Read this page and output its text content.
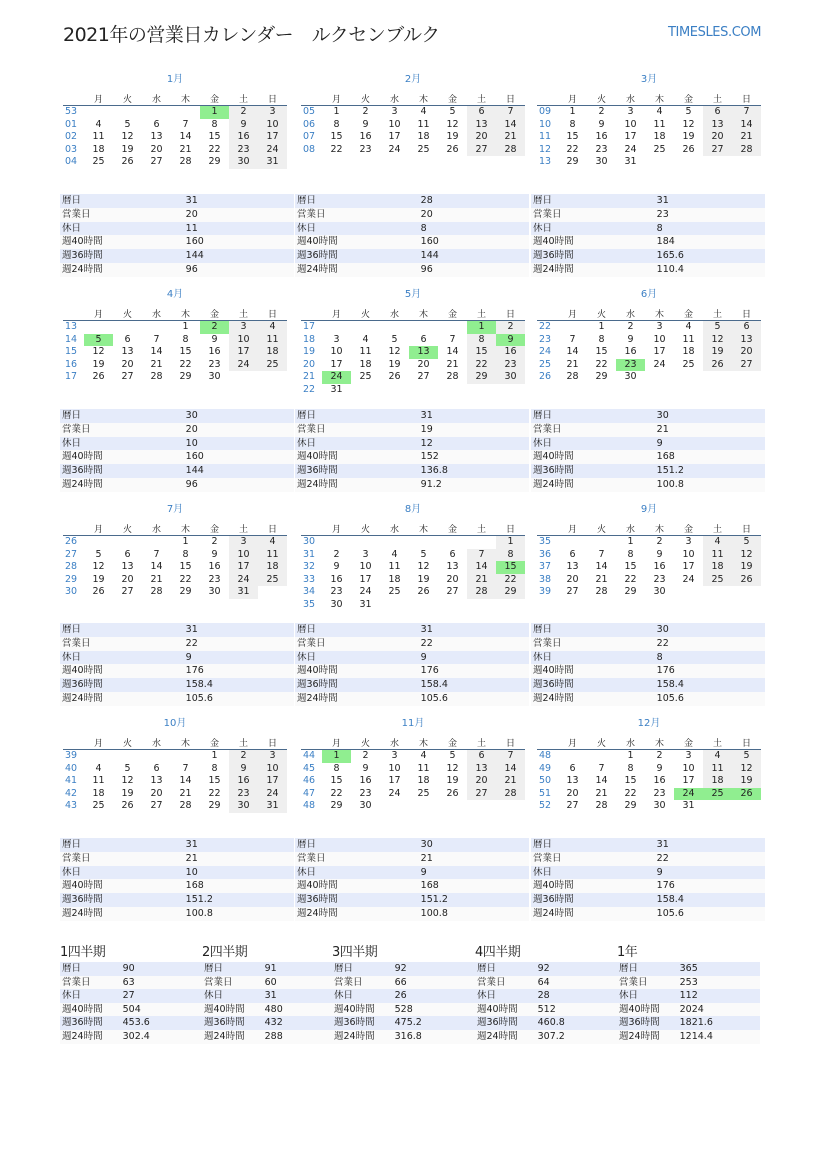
2021年の営業日カレンダー　ルクセンブルク	TIMESLES.COM
1月
	月	火	水	木	金	土	日
53					1	2	3
01	4	5	6	7	8	9	10
02	11	12	13	14	15	16	17
03	18	19	20	21	22	23	24
04	25	26	27	28	29	30	31
暦日	31
営業日	20
休日	11
週40時間	160
週36時間	144
週24時間	96
2月
	月	火	水	木	金	土	日
05	1	2	3	4	5	6	7
06	8	9	10	11	12	13	14
07	15	16	17	18	19	20	21
08	22	23	24	25	26	27	28
暦日	28
営業日	20
休日	8
週40時間	160
週36時間	144
週24時間	96
3月
	月	火	水	木	金	土	日
09	1	2	3	4	5	6	7
10	8	9	10	11	12	13	14
11	15	16	17	18	19	20	21
12	22	23	24	25	26	27	28
13	29	30	31				
暦日	31
営業日	23
休日	8
週40時間	184
週36時間	165.6
週24時間	110.4
4月
	月	火	水	木	金	土	日
13				1	2	3	4
14	5	6	7	8	9	10	11
15	12	13	14	15	16	17	18
16	19	20	21	22	23	24	25
17	26	27	28	29	30		
暦日	30
営業日	20
休日	10
週40時間	160
週36時間	144
週24時間	96
5月
	月	火	水	木	金	土	日
17						1	2
18	3	4	5	6	7	8	9
19	10	11	12	13	14	15	16
20	17	18	19	20	21	22	23
21	24	25	26	27	28	29	30
22	31						
暦日	31
営業日	19
休日	12
週40時間	152
週36時間	136.8
週24時間	91.2
6月
	月	火	水	木	金	土	日
22		1	2	3	4	5	6
23	7	8	9	10	11	12	13
24	14	15	16	17	18	19	20
25	21	22	23	24	25	26	27
26	28	29	30				
暦日	30
営業日	21
休日	9
週40時間	168
週36時間	151.2
週24時間	100.8
7月
	月	火	水	木	金	土	日
26				1	2	3	4
27	5	6	7	8	9	10	11
28	12	13	14	15	16	17	18
29	19	20	21	22	23	24	25
30	26	27	28	29	30	31	
暦日	31
営業日	22
休日	9
週40時間	176
週36時間	158.4
週24時間	105.6
8月
	月	火	水	木	金	土	日
30							1
31	2	3	4	5	6	7	8
32	9	10	11	12	13	14	15
33	16	17	18	19	20	21	22
34	23	24	25	26	27	28	29
35	30	31					
暦日	31
営業日	22
休日	9
週40時間	176
週36時間	158.4
週24時間	105.6
9月
	月	火	水	木	金	土	日
35			1	2	3	4	5
36	6	7	8	9	10	11	12
37	13	14	15	16	17	18	19
38	20	21	22	23	24	25	26
39	27	28	29	30			
暦日	30
営業日	22
休日	8
週40時間	176
週36時間	158.4
週24時間	105.6
10月
	月	火	水	木	金	土	日
39					1	2	3
40	4	5	6	7	8	9	10
41	11	12	13	14	15	16	17
42	18	19	20	21	22	23	24
43	25	26	27	28	29	30	31
暦日	31
営業日	21
休日	10
週40時間	168
週36時間	151.2
週24時間	100.8
11月
	月	火	水	木	金	土	日
44	1	2	3	4	5	6	7
45	8	9	10	11	12	13	14
46	15	16	17	18	19	20	21
47	22	23	24	25	26	27	28
48	29	30					
暦日	30
営業日	21
休日	9
週40時間	168
週36時間	151.2
週24時間	100.8
12月
	月	火	水	木	金	土	日
48			1	2	3	4	5
49	6	7	8	9	10	11	12
50	13	14	15	16	17	18	19
51	20	21	22	23	24	25	26
52	27	28	29	30	31		
暦日	31
営業日	22
休日	9
週40時間	176
週36時間	158.4
週24時間	105.6
1四半期
暦日	90
営業日	63
休日	27
週40時間	504
週36時間	453.6
週24時間	302.4
2四半期
暦日	91
営業日	60
休日	31
週40時間	480
週36時間	432
週24時間	288
3四半期
暦日	92
営業日	66
休日	26
週40時間	528
週36時間	475.2
週24時間	316.8
4四半期
暦日	92
営業日	64
休日	28
週40時間	512
週36時間	460.8
週24時間	307.2
1年
暦日	365
営業日	253
休日	112
週40時間	2024
週36時間	1821.6
週24時間	1214.4
